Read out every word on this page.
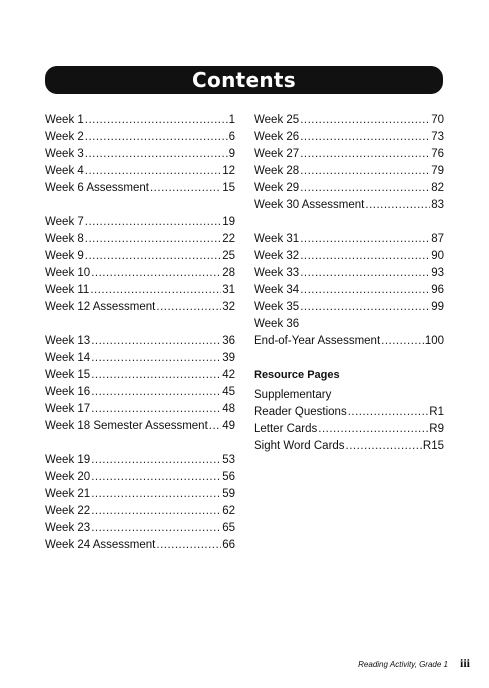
Contents
Week 1 .....	1
Week 2 .....	6
Week 3 .....	9
Week 4 .....	12
Week 6 Assessment .....	15
Week 7 .....	19
Week 8 .....	22
Week 9 .....	25
Week 10 .....	28
Week 11 .....	31
Week 12 Assessment .....	32
Week 13 .....	36
Week 14 .....	39
Week 15 .....	42
Week 16 .....	45
Week 17 .....	48
Week 18 Semester Assessment ..... 49
Week 19 .....	53
Week 20 .....	56
Week 21 .....	59
Week 22 .....	62
Week 23 .....	65
Week 24 Assessment .....	66
Week 25 .....	70
Week 26 .....	73
Week 27 .....	76
Week 28 .....	79
Week 29 .....	82
Week 30 Assessment .....	83
Week 31 .....	87
Week 32 .....	90
Week 33 .....	93
Week 34 .....	96
Week 35 .....	99
Week 36
End-of-Year Assessment .....	100
Resource Pages
Supplementary
Reader Questions .....	R1
Letter Cards .....	R9
Sight Word Cards .....	R15
Reading Activity, Grade 1 iii
